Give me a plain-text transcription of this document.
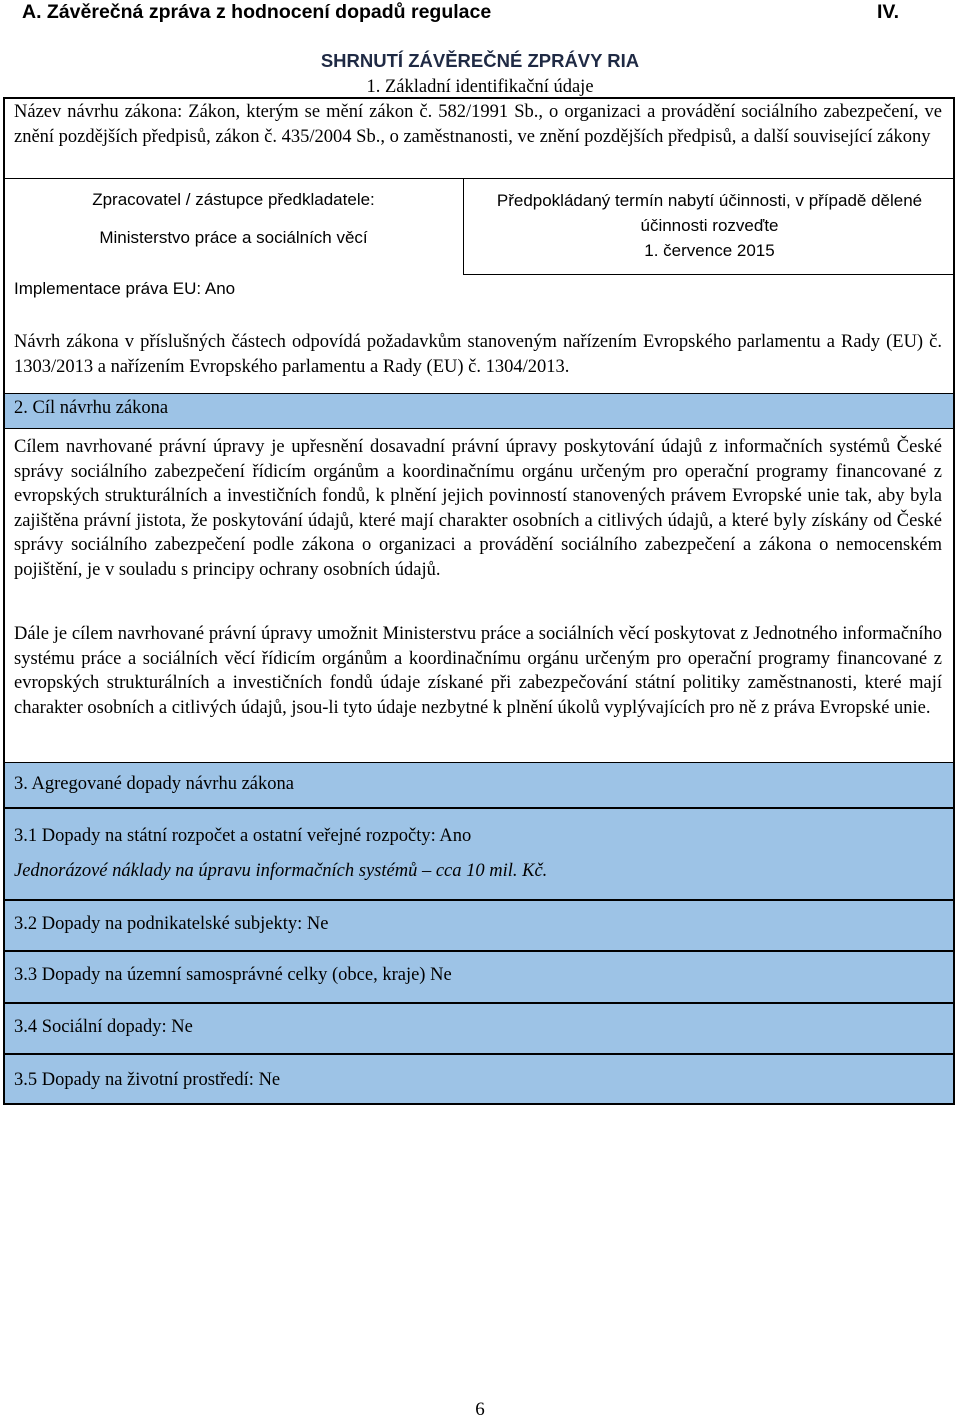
A. Závěrečná zpráva z hodnocení dopadů regulace	IV.
SHRNUTÍ ZÁVĚREČNÉ ZPRÁVY RIA
1. Základní identifikační údaje
Název návrhu zákona: Zákon, kterým se mění zákon č. 582/1991 Sb., o organizaci a provádění sociálního zabezpečení, ve znění pozdějších předpisů, zákon č. 435/2004 Sb., o zaměstnanosti, ve znění pozdějších předpisů, a další související zákony
Zpracovatel / zástupce předkladatele:
Ministerstvo práce a sociálních věcí
Předpokládaný termín nabytí účinnosti, v případě dělené účinnosti rozveďte
1. července 2015
Implementace práva EU: Ano
Návrh zákona v příslušných částech odpovídá požadavkům stanoveným nařízením Evropského parlamentu a Rady (EU) č. 1303/2013 a nařízením Evropského parlamentu a Rady (EU) č. 1304/2013.
2. Cíl návrhu zákona
Cílem navrhované právní úpravy je upřesnění dosavadní právní úpravy poskytování údajů z informačních systémů České správy sociálního zabezpečení řídicím orgánům a koordinačnímu orgánu určeným pro operační programy financované z evropských strukturálních a investičních fondů, k plnění jejich povinností stanovených právem Evropské unie tak, aby byla zajištěna právní jistota, že poskytování údajů, které mají charakter osobních a citlivých údajů, a které byly získány od České správy sociálního zabezpečení podle zákona o organizaci a provádění sociálního zabezpečení a zákona o nemocenském pojištění, je v souladu s principy ochrany osobních údajů.
Dále je cílem navrhované právní úpravy umožnit Ministerstvu práce a sociálních věcí poskytovat z Jednotného informačního systému práce a sociálních věcí řídicím orgánům a koordinačnímu orgánu určeným pro operační programy financované z evropských strukturálních a investičních fondů údaje získané při zabezpečování státní politiky zaměstnanosti, které mají charakter osobních a citlivých údajů, jsou-li tyto údaje nezbytné k plnění úkolů vyplývajících pro ně z práva Evropské unie.
3. Agregované dopady návrhu zákona
3.1 Dopady na státní rozpočet a ostatní veřejné rozpočty: Ano
Jednorázové náklady na úpravu informačních systémů – cca 10 mil. Kč.
3.2 Dopady na podnikatelské subjekty: Ne
3.3 Dopady na územní samosprávné celky (obce, kraje) Ne
3.4 Sociální dopady: Ne
3.5 Dopady na životní prostředí: Ne
6
